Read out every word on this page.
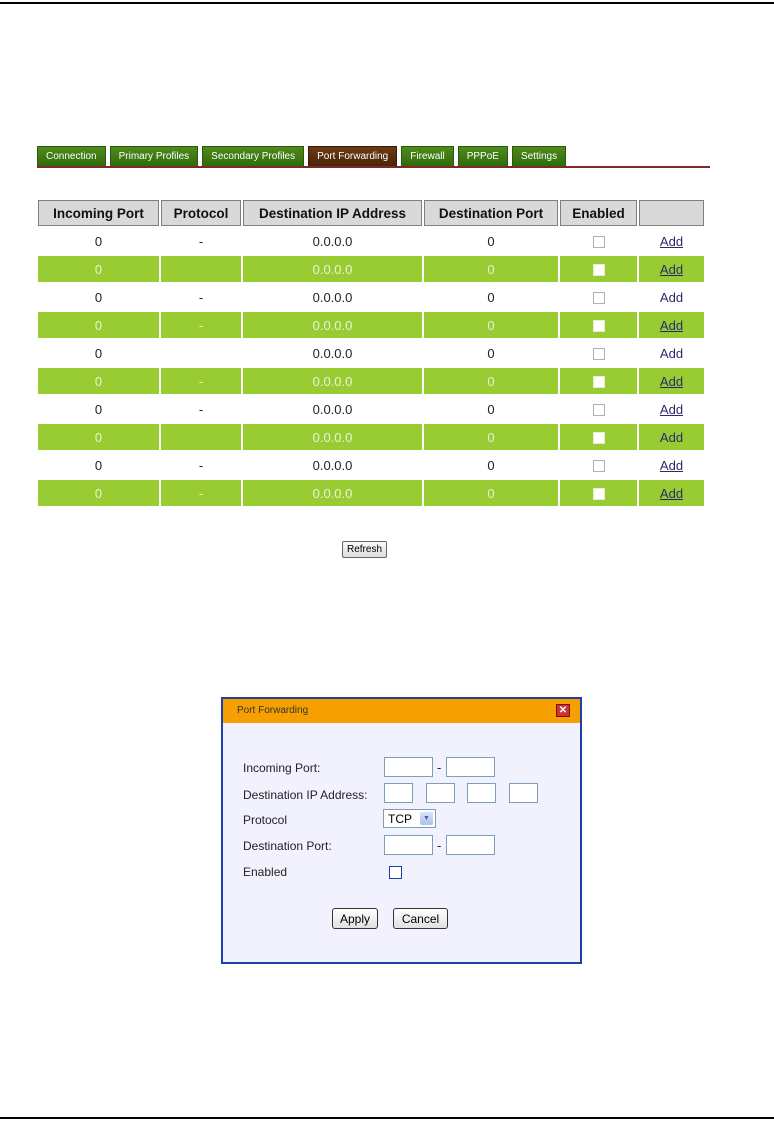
Connection	Primary Profiles	Secondary Profiles	Port Forwarding	Firewall	PPPoE	Settings
Incoming Port	Protocol	Destination IP Address	Destination Port	Enabled	
0	-	0.0.0.0	0		Add
0		0.0.0.0	0		Add
0	-	0.0.0.0	0		Add
0	-	0.0.0.0	0		Add
0		0.0.0.0	0		Add
0	-	0.0.0.0	0		Add
0	-	0.0.0.0	0		Add
0		0.0.0.0	0		Add
0	-	0.0.0.0	0		Add
0	-	0.0.0.0	0		Add
Refresh
Port Forwarding	✕
Incoming Port:	-
Destination IP Address:
Protocol	TCP	▼
Destination Port:	-
Enabled
Apply	Cancel
